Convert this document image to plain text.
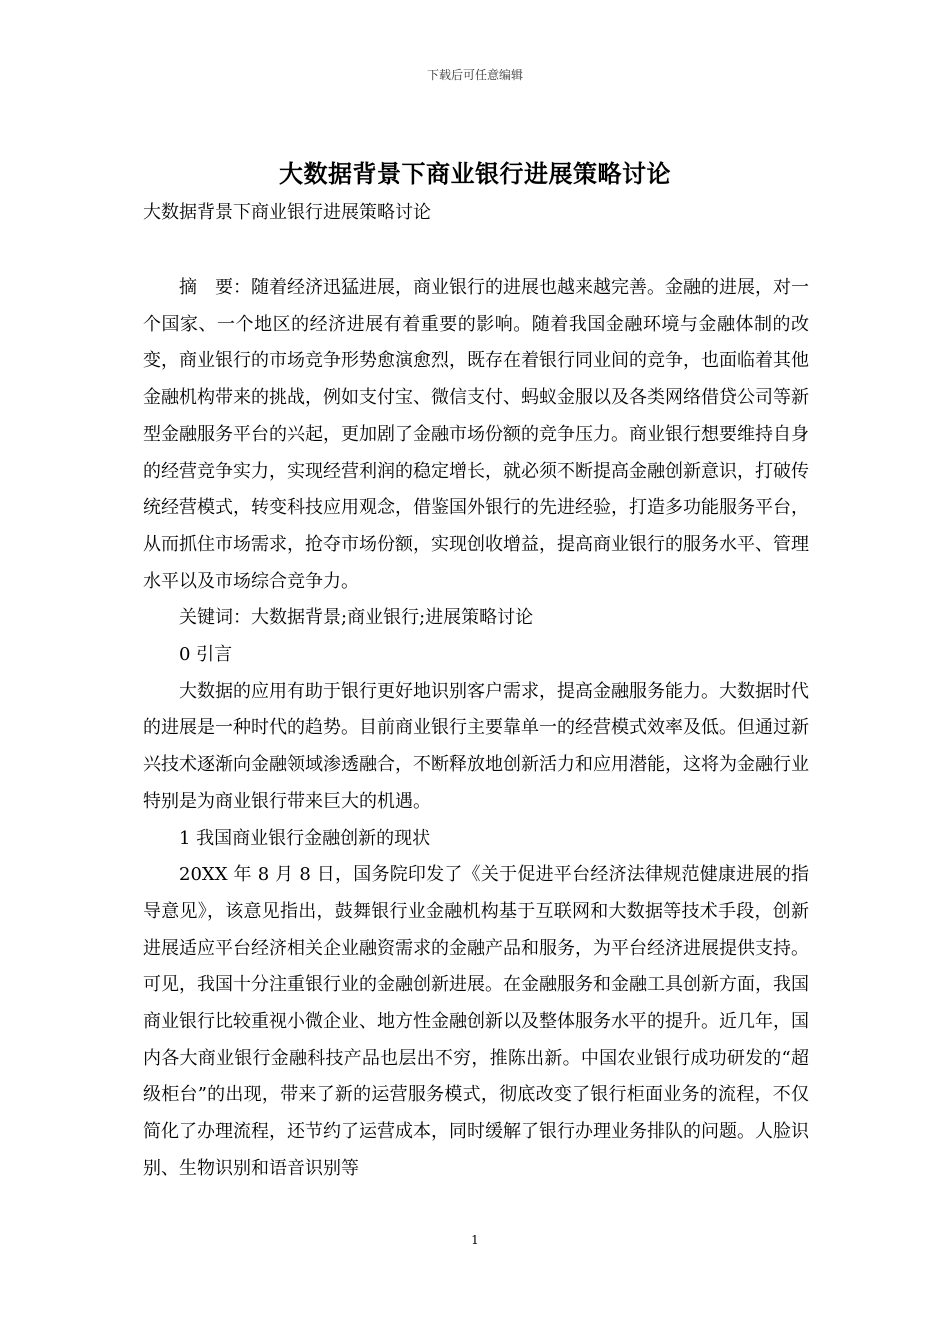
下载后可任意编辑
大数据背景下商业银行进展策略讨论
大数据背景下商业银行进展策略讨论

摘　要：随着经济迅猛进展，商业银行的进展也越来越完善。金融的进展，对一个国家、一个地区的经济进展有着重要的影响。随着我国金融环境与金融体制的改变，商业银行的市场竞争形势愈演愈烈，既存在着银行同业间的竞争，也面临着其他金融机构带来的挑战，例如支付宝、微信支付、蚂蚁金服以及各类网络借贷公司等新型金融服务平台的兴起，更加剧了金融市场份额的竞争压力。商业银行想要维持自身的经营竞争实力，实现经营利润的稳定增长，就必须不断提高金融创新意识，打破传统经营模式，转变科技应用观念，借鉴国外银行的先进经验，打造多功能服务平台，从而抓住市场需求，抢夺市场份额，实现创收增益，提高商业银行的服务水平、管理水平以及市场综合竞争力。

关键词：大数据背景;商业银行;进展策略讨论

0 引言

大数据的应用有助于银行更好地识别客户需求，提高金融服务能力。大数据时代的进展是一种时代的趋势。目前商业银行主要靠单一的经营模式效率及低。但通过新兴技术逐渐向金融领域渗透融合，不断释放地创新活力和应用潜能，这将为金融行业特别是为商业银行带来巨大的机遇。

1 我国商业银行金融创新的现状

20XX 年 8 月 8 日，国务院印发了《关于促进平台经济法律规范健康进展的指导意见》，该意见指出，鼓舞银行业金融机构基于互联网和大数据等技术手段，创新进展适应平台经济相关企业融资需求的金融产品和服务，为平台经济进展提供支持。可见，我国十分注重银行业的金融创新进展。在金融服务和金融工具创新方面，我国商业银行比较重视小微企业、地方性金融创新以及整体服务水平的提升。近几年，国内各大商业银行金融科技产品也层出不穷，推陈出新。中国农业银行成功研发的“超级柜台”的出现，带来了新的运营服务模式，彻底改变了银行柜面业务的流程，不仅简化了办理流程，还节约了运营成本，同时缓解了银行办理业务排队的问题。人脸识别、生物识别和语音识别等

1
